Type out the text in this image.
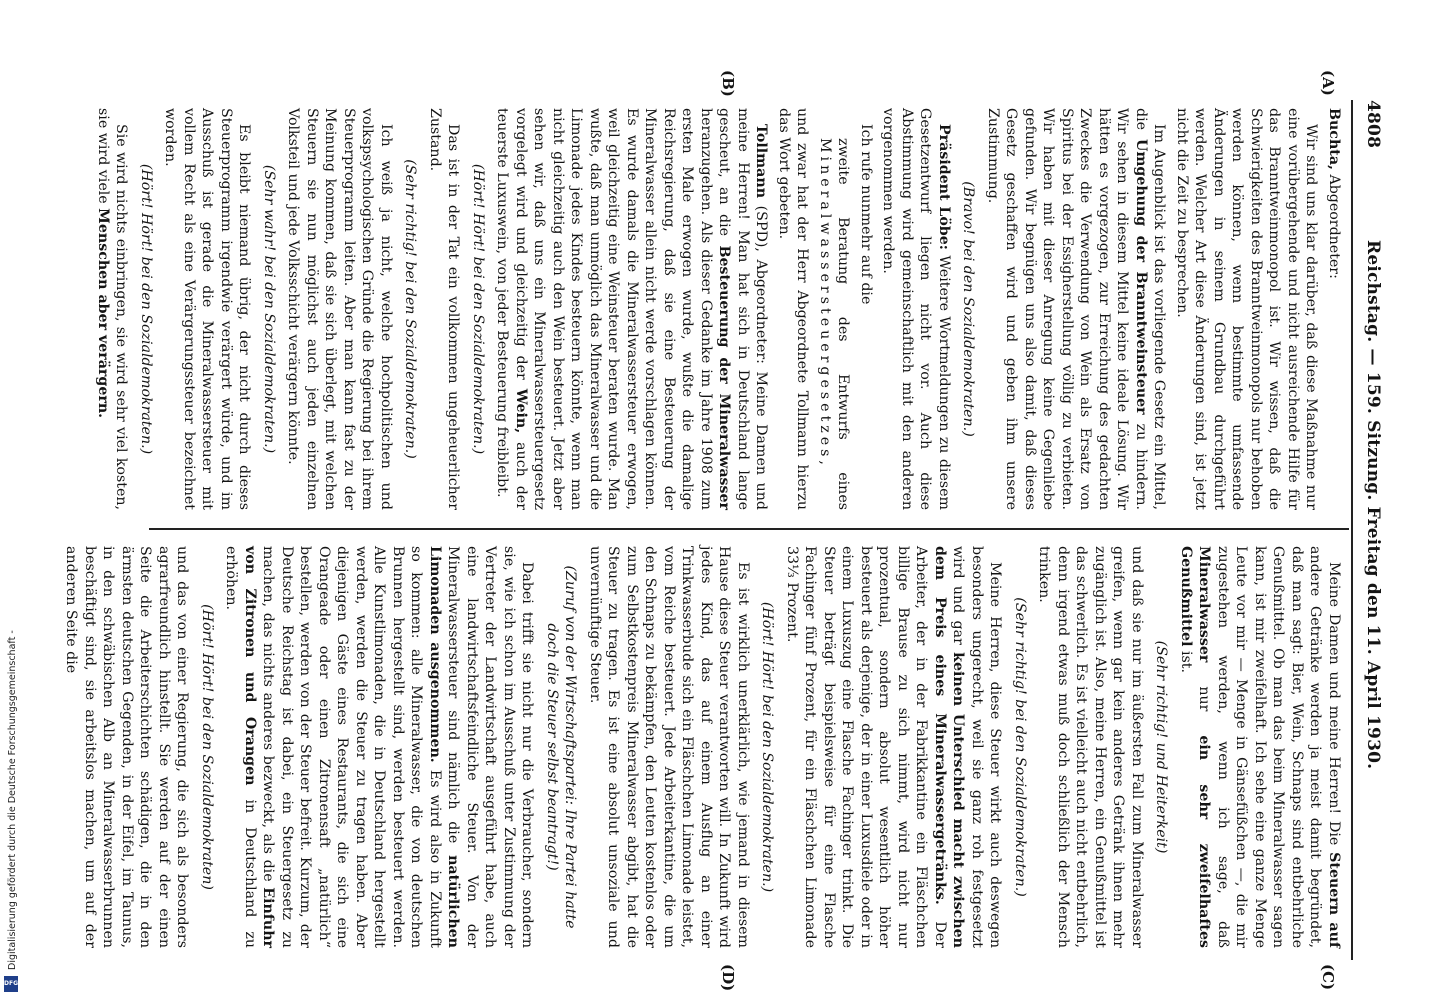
4808
Reichstag. — 159. Sitzung. Freitag den 11. April 1930.
(A)
(B)
(C)
(D)

Buchta, Abgeordneter:

Wir sind uns klar darüber, daß diese Maßnahme nur eine vorübergehende und nicht ausreichende Hilfe für das Branntweinmonopol ist. Wir wissen, daß die Schwierigkeiten des Branntweinmonopols nur behoben werden können, wenn bestimmte umfassende Änderungen in seinem Grundbau durchgeführt werden. Welcher Art diese Änderungen sind, ist jetzt nicht die Zeit zu besprechen.

Im Augenblick ist das vorliegende Gesetz ein Mittel, die Umgehung der Branntweinsteuer zu hindern. Wir sehen in diesem Mittel keine ideale Lösung. Wir hätten es vorgezogen, zur Erreichung des gedachten Zweckes die Verwendung von Wein als Ersatz von Spiritus bei der Essigherstellung völlig zu verbieten. Wir haben mit dieser Anregung keine Gegenliebe gefunden. Wir begnügen uns also damit, daß dieses Gesetz geschaffen wird und geben ihm unsere Zustimmung.

(Bravo! bei den Sozialdemokraten.)

Präsident Löbe: Weitere Wortmeldungen zu diesem Gesetzentwurf liegen nicht vor. Auch diese Abstimmung wird gemeinschaftlich mit den anderen vorgenommen werden.

Ich rufe nunmehr auf die

zweite Beratung des Entwurfs eines Mineralwassersteuergesetzes,

und zwar hat der Herr Abgeordnete Tollmann hierzu das Wort gebeten.

Tollmann (SPD), Abgeordneter: Meine Damen und meine Herren! Man hat sich in Deutschland lange gescheut, an die Besteuerung der Mineralwasser heranzugehen. Als dieser Gedanke im Jahre 1908 zum ersten Male erwogen wurde, wußte die damalige Reichsregierung, daß sie eine Besteuerung der Mineralwasser allein nicht werde vorschlagen können. Es wurde damals die Mineralwassersteuer erwogen, weil gleichzeitig eine Weinsteuer beraten wurde. Man wußte, daß man unmöglich das Mineralwasser und die Limonade jedes Kindes besteuern könnte, wenn man nicht gleichzeitig auch den Wein besteuert. Jetzt aber sehen wir, daß uns ein Mineralwassersteuergesetz vorgelegt wird und gleichzeitig der Wein, auch der teuerste Luxuswein, von jeder Besteuerung freibleibt.

(Hört! Hört! bei den Sozialdemokraten.)

Das ist in der Tat ein vollkommen ungeheuerlicher Zustand.

(Sehr richtig! bei den Sozialdemokraten.)

Ich weiß ja nicht, welche hochpolitischen und volkspsychologischen Gründe die Regierung bei ihrem Steuerprogramm leiten. Aber man kann fast zu der Meinung kommen, daß sie sich überlegt, mit welchen Steuern sie nun möglichst auch jeden einzelnen Volksteil und jede Volksschicht verärgern könnte.

(Sehr wahr! bei den Sozialdemokraten.)

Es bleibt niemand übrig, der nicht durch dieses Steuerprogramm irgendwie verärgert würde, und im Ausschuß ist gerade die Mineralwassersteuer mit vollem Recht als eine Verärgerungssteuer bezeichnet worden.

(Hört! Hört! bei den Sozialdemokraten.)

Sie wird nichts einbringen, sie wird sehr viel kosten, sie wird viele Menschen aber verärgern.

Meine Damen und meine Herren! Die Steuern auf andere Getränke werden ja meist damit begründet, daß man sagt: Bier, Wein, Schnaps sind entbehrliche Genußmittel. Ob man das beim Mineralwasser sagen kann, ist mir zweifelhaft. Ich sehe eine ganze Menge Leute vor mir — Menge in Gänsefüßchen —, die mir zugestehen werden, wenn ich sage, daß Mineralwasser nur ein sehr zweifelhaftes Genußmittel ist.

(Sehr richtig! und Heiterkeit)

und daß sie nur im äußersten Fall zum Mineralwasser greifen, wenn gar kein anderes Getränk ihnen mehr zugänglich ist. Also, meine Herren, ein Genußmittel ist das schwerlich. Es ist vielleicht auch nicht entbehrlich, denn irgend etwas muß doch schließlich der Mensch trinken.

(Sehr richtig! bei den Sozialdemokraten.)

Meine Herren, diese Steuer wirkt auch deswegen besonders ungerecht, weil sie ganz roh festgesetzt wird und gar keinen Unterschied macht zwischen dem Preis eines Mineralwassergetränks. Der Arbeiter, der in der Fabrikkantine ein Fläschchen billige Brause zu sich nimmt, wird nicht nur prozentual, sondern absolut wesentlich höher besteuert als derjenige, der in einer Luxusdiele oder in einem Luxuszug eine Flasche Fachinger trinkt. Die Steuer beträgt beispielsweise für eine Flasche Fachinger fünf Prozent, für ein Fläschchen Limonade 33⅓ Prozent.

(Hört! Hört! bei den Sozialdemokraten.)

Es ist wirklich unerklärlich, wie jemand in diesem Hause diese Steuer verantworten will. In Zukunft wird jedes Kind, das auf einem Ausflug an einer Trinkwasserbude sich ein Fläschchen Limonade leistet, vom Reiche besteuert. Jede Arbeiterkantine, die um den Schnaps zu bekämpfen, den Leuten kostenlos oder zum Selbstkostenpreis Mineralwasser abgibt, hat die Steuer zu tragen. Es ist eine absolut unsoziale und unvernünftige Steuer.

(Zuruf von der Wirtschaftspartei: Ihre Partei hatte doch die Steuer selbst beantragt!)

Dabei trifft sie nicht nur die Verbraucher, sondern sie, wie ich schon im Ausschuß unter Zustimmung der Vertreter der Landwirtschaft ausgeführt habe, auch eine landwirtschaftsfeindliche Steuer. Von der Mineralwassersteuer sind nämlich die natürlichen Limonaden ausgenommen. Es wird also in Zukunft so kommen: alle Mineralwasser, die von deutschen Brunnen hergestellt sind, werden besteuert werden. Alle Kunstlimonaden, die in Deutschland hergestellt werden, werden die Steuer zu tragen haben. Aber diejenigen Gäste eines Restaurants, die sich eine Orangeade oder einen Zitronensaft „natürlich“ bestellen, werden von der Steuer befreit. Kurzum, der Deutsche Reichstag ist dabei, ein Steuergesetz zu machen, das nichts anderes bezweckt, als die Einfuhr von Zitronen und Orangen in Deutschland zu erhöhen.

(Hört! Hört! bei den Sozialdemokraten)

und das von einer Regierung, die sich als besonders agrarfreundlich hinstellt. Sie werden auf der einen Seite die Arbeiterschichten schädigen, die in den ärmsten deutschen Gegenden, in der Eifel, im Taunus, in den schwäbischen Alb an Mineralwasserbrunnen beschäftigt sind, sie arbeitslos machen, um auf der anderen Seite die

Digitalisierung gefördert durch die Deutsche Forschungsgemeinschaft -
DFG
